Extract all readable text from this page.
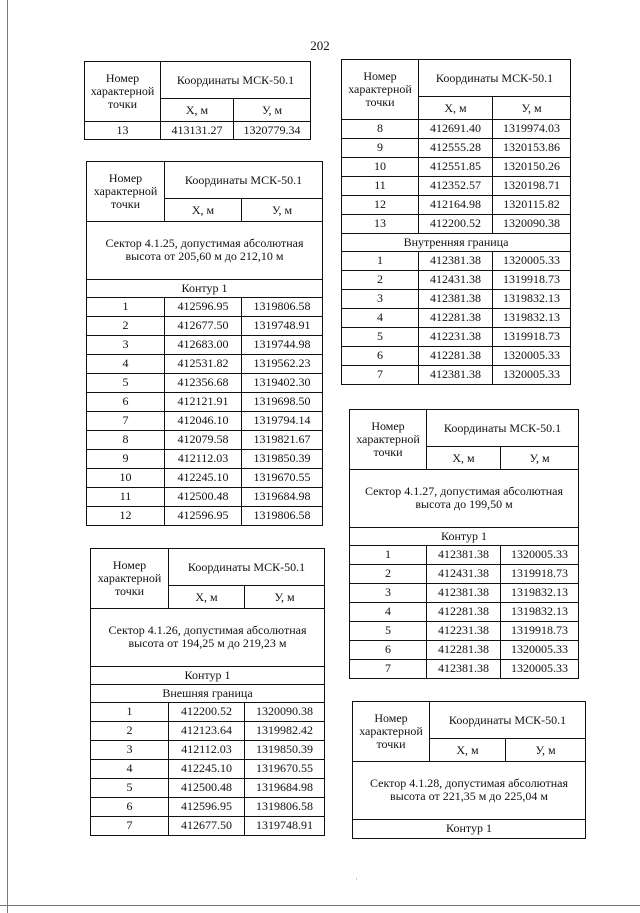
202
Номер характерной точки	Координаты МСК-50.1	
	X, м	У, м
13	413131.27	1320779.34
Номер характерной точки	Координаты МСК-50.1	
	X, м	У, м
Сектор 4.1.25, допустимая абсолютная высота от 205,60 м до 212,10 м		
Контур 1		
1	412596.95	1319806.58
2	412677.50	1319748.91
3	412683.00	1319744.98
4	412531.82	1319562.23
5	412356.68	1319402.30
6	412121.91	1319698.50
7	412046.10	1319794.14
8	412079.58	1319821.67
9	412112.03	1319850.39
10	412245.10	1319670.55
11	412500.48	1319684.98
12	412596.95	1319806.58
Номер характерной точки	Координаты МСК-50.1	
	X, м	У, м
Сектор 4.1.26, допустимая абсолютная высота от 194,25 м до 219,23 м		
Контур 1		
Внешняя граница		
1	412200.52	1320090.38
2	412123.64	1319982.42
3	412112.03	1319850.39
4	412245.10	1319670.55
5	412500.48	1319684.98
6	412596.95	1319806.58
7	412677.50	1319748.91
Номер характерной точки	Координаты МСК-50.1	
	X, м	У, м
8	412691.40	1319974.03
9	412555.28	1320153.86
10	412551.85	1320150.26
11	412352.57	1320198.71
12	412164.98	1320115.82
13	412200.52	1320090.38
Внутренняя граница		
1	412381.38	1320005.33
2	412431.38	1319918.73
3	412381.38	1319832.13
4	412281.38	1319832.13
5	412231.38	1319918.73
6	412281.38	1320005.33
7	412381.38	1320005.33
Номер характерной точки	Координаты МСК-50.1	
	X, м	У, м
Сектор 4.1.27, допустимая абсолютная высота до 199,50 м		
Контур 1		
1	412381.38	1320005.33
2	412431.38	1319918.73
3	412381.38	1319832.13
4	412281.38	1319832.13
5	412231.38	1319918.73
6	412281.38	1320005.33
7	412381.38	1320005.33
Номер характерной точки	Координаты МСК-50.1	
	X, м	У, м
Сектор 4.1.28, допустимая абсолютная высота от 221,35 м до 225,04 м		
Контур 1		
·
